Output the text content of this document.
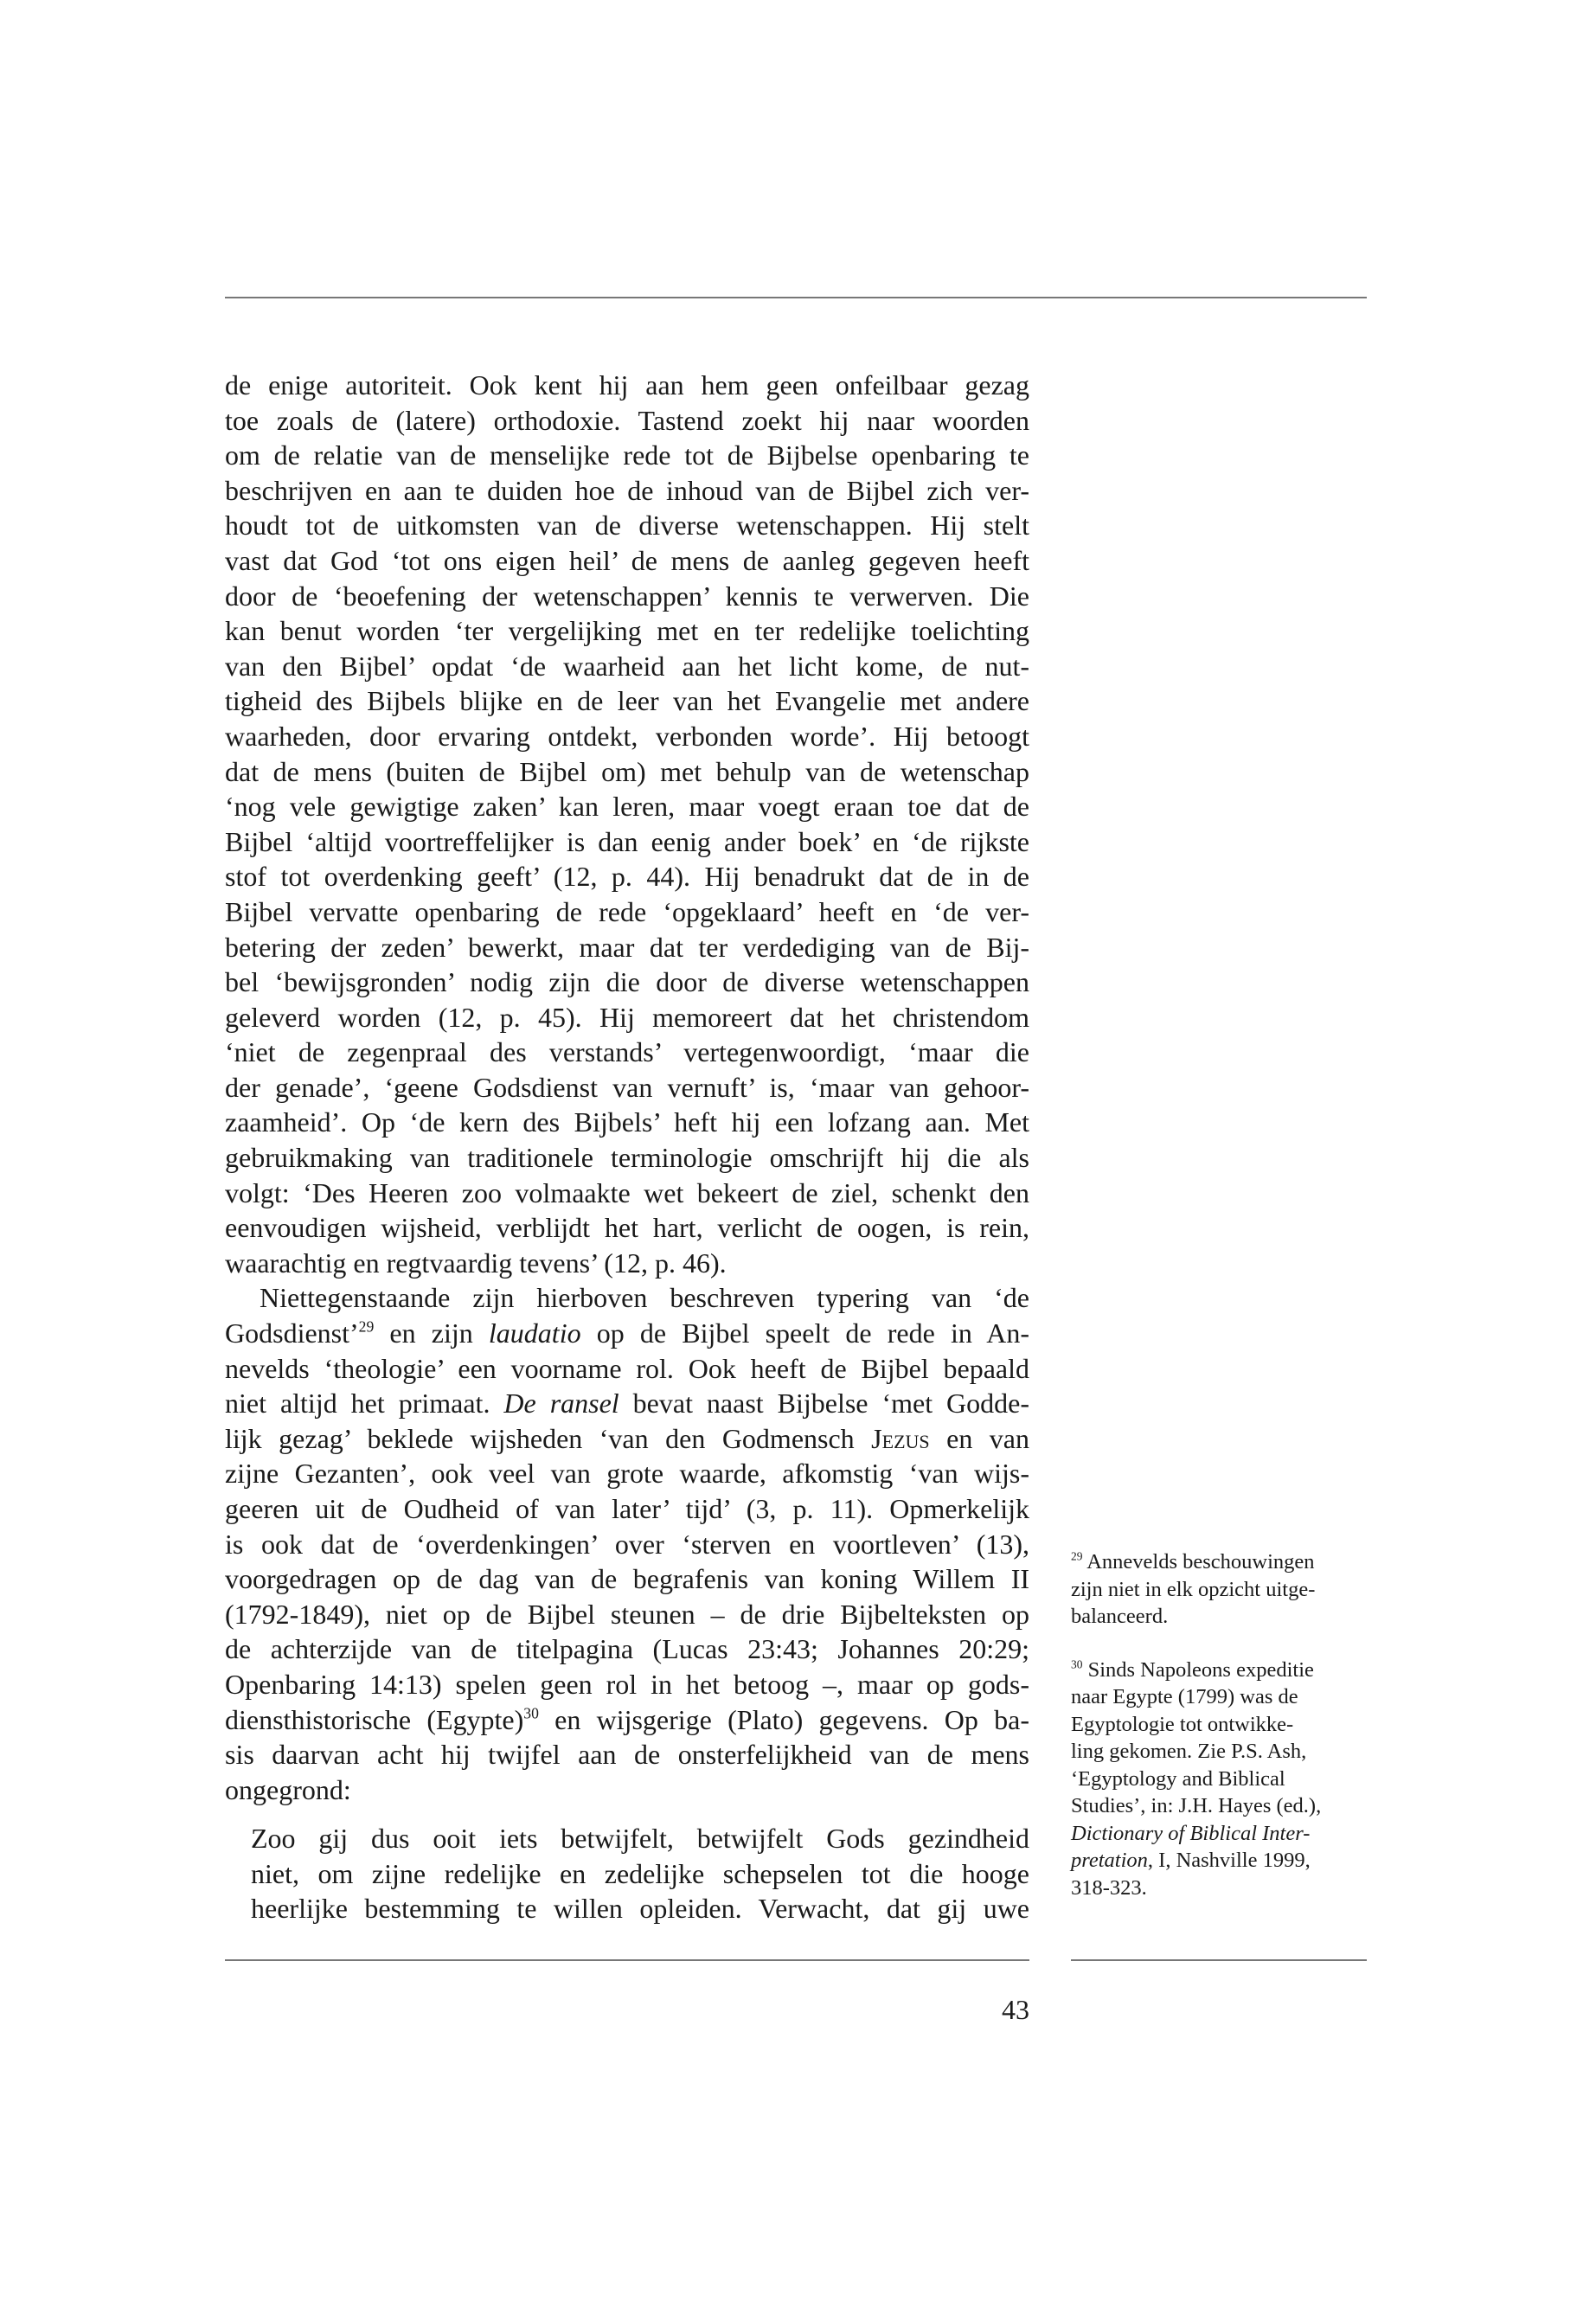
de enige autoriteit. Ook kent hij aan hem geen onfeilbaar gezag
toe zoals de (latere) orthodoxie. Tastend zoekt hij naar woorden
om de relatie van de menselijke rede tot de Bijbelse openbaring te
beschrijven en aan te duiden hoe de inhoud van de Bijbel zich ver-
houdt tot de uitkomsten van de diverse wetenschappen. Hij stelt
vast dat God ‘tot ons eigen heil’ de mens de aanleg gegeven heeft
door de ‘beoefening der wetenschappen’ kennis te verwerven. Die
kan benut worden ‘ter vergelijking met en ter redelijke toelichting
van den Bijbel’ opdat ‘de waarheid aan het licht kome, de nut-
tigheid des Bijbels blijke en de leer van het Evangelie met andere
waarheden, door ervaring ontdekt, verbonden worde’. Hij betoogt
dat de mens (buiten de Bijbel om) met behulp van de wetenschap
‘nog vele gewigtige zaken’ kan leren, maar voegt eraan toe dat de
Bijbel ‘altijd voortreffelijker is dan eenig ander boek’ en ‘de rijkste
stof tot overdenking geeft’ (12, p. 44). Hij benadrukt dat de in de
Bijbel vervatte openbaring de rede ‘opgeklaard’ heeft en ‘de ver-
betering der zeden’ bewerkt, maar dat ter verdediging van de Bij-
bel ‘bewijsgronden’ nodig zijn die door de diverse wetenschappen
geleverd worden (12, p. 45). Hij memoreert dat het christendom
‘niet de zegenpraal des verstands’ vertegenwoordigt, ‘maar die
der genade’, ‘geene Godsdienst van vernuft’ is, ‘maar van gehoor-
zaamheid’. Op ‘de kern des Bijbels’ heft hij een lofzang aan. Met
gebruikmaking van traditionele terminologie omschrijft hij die als
volgt: ‘Des Heeren zoo volmaakte wet bekeert de ziel, schenkt den
eenvoudigen wijsheid, verblijdt het hart, verlicht de oogen, is rein,
waarachtig en regtvaardig tevens’ (12, p. 46).

Niettegenstaande zijn hierboven beschreven typering van ‘de
Godsdienst’$^{29}$ en zijn laudatio op de Bijbel speelt de rede in An-
nevelds ‘theologie’ een voorname rol. Ook heeft de Bijbel bepaald
niet altijd het primaat. De ransel bevat naast Bijbelse ‘met Godde-
lijk gezag’ beklede wijsheden ‘van den Godmensch Jezus en van
zijne Gezanten’, ook veel van grote waarde, afkomstig ‘van wijs-
geeren uit de Oudheid of van later’ tijd’ (3, p. 11). Opmerkelijk
is ook dat de ‘overdenkingen’ over ‘sterven en voortleven’ (13),
voorgedragen op de dag van de begrafenis van koning Willem II
(1792-1849), niet op de Bijbel steunen – de drie Bijbelteksten op
de achterzijde van de titelpagina (Lucas 23:43; Johannes 20:29;
Openbaring 14:13) spelen geen rol in het betoog –, maar op gods-
diensthistorische (Egypte)$^{30}$ en wijsgerige (Plato) gegevens. Op ba-
sis daarvan acht hij twijfel aan de onsterfelijkheid van de mens
ongegrond:

Zoo gij dus ooit iets betwijfelt, betwijfelt Gods gezindheid
niet, om zijne redelijke en zedelijke schepselen tot die hooge
heerlijke bestemming te willen opleiden. Verwacht, dat gij uwe
$^{29}$ Annevelds beschouwingen
zijn niet in elk opzicht uitge-
balanceerd.
$^{30}$ Sinds Napoleons expeditie
naar Egypte (1799) was de
Egyptologie tot ontwikke-
ling gekomen. Zie P.S. Ash,
‘Egyptology and Biblical
Studies’, in: J.H. Hayes (ed.),
Dictionary of Biblical Inter-
pretation, I, Nashville 1999,
318-323.
43
